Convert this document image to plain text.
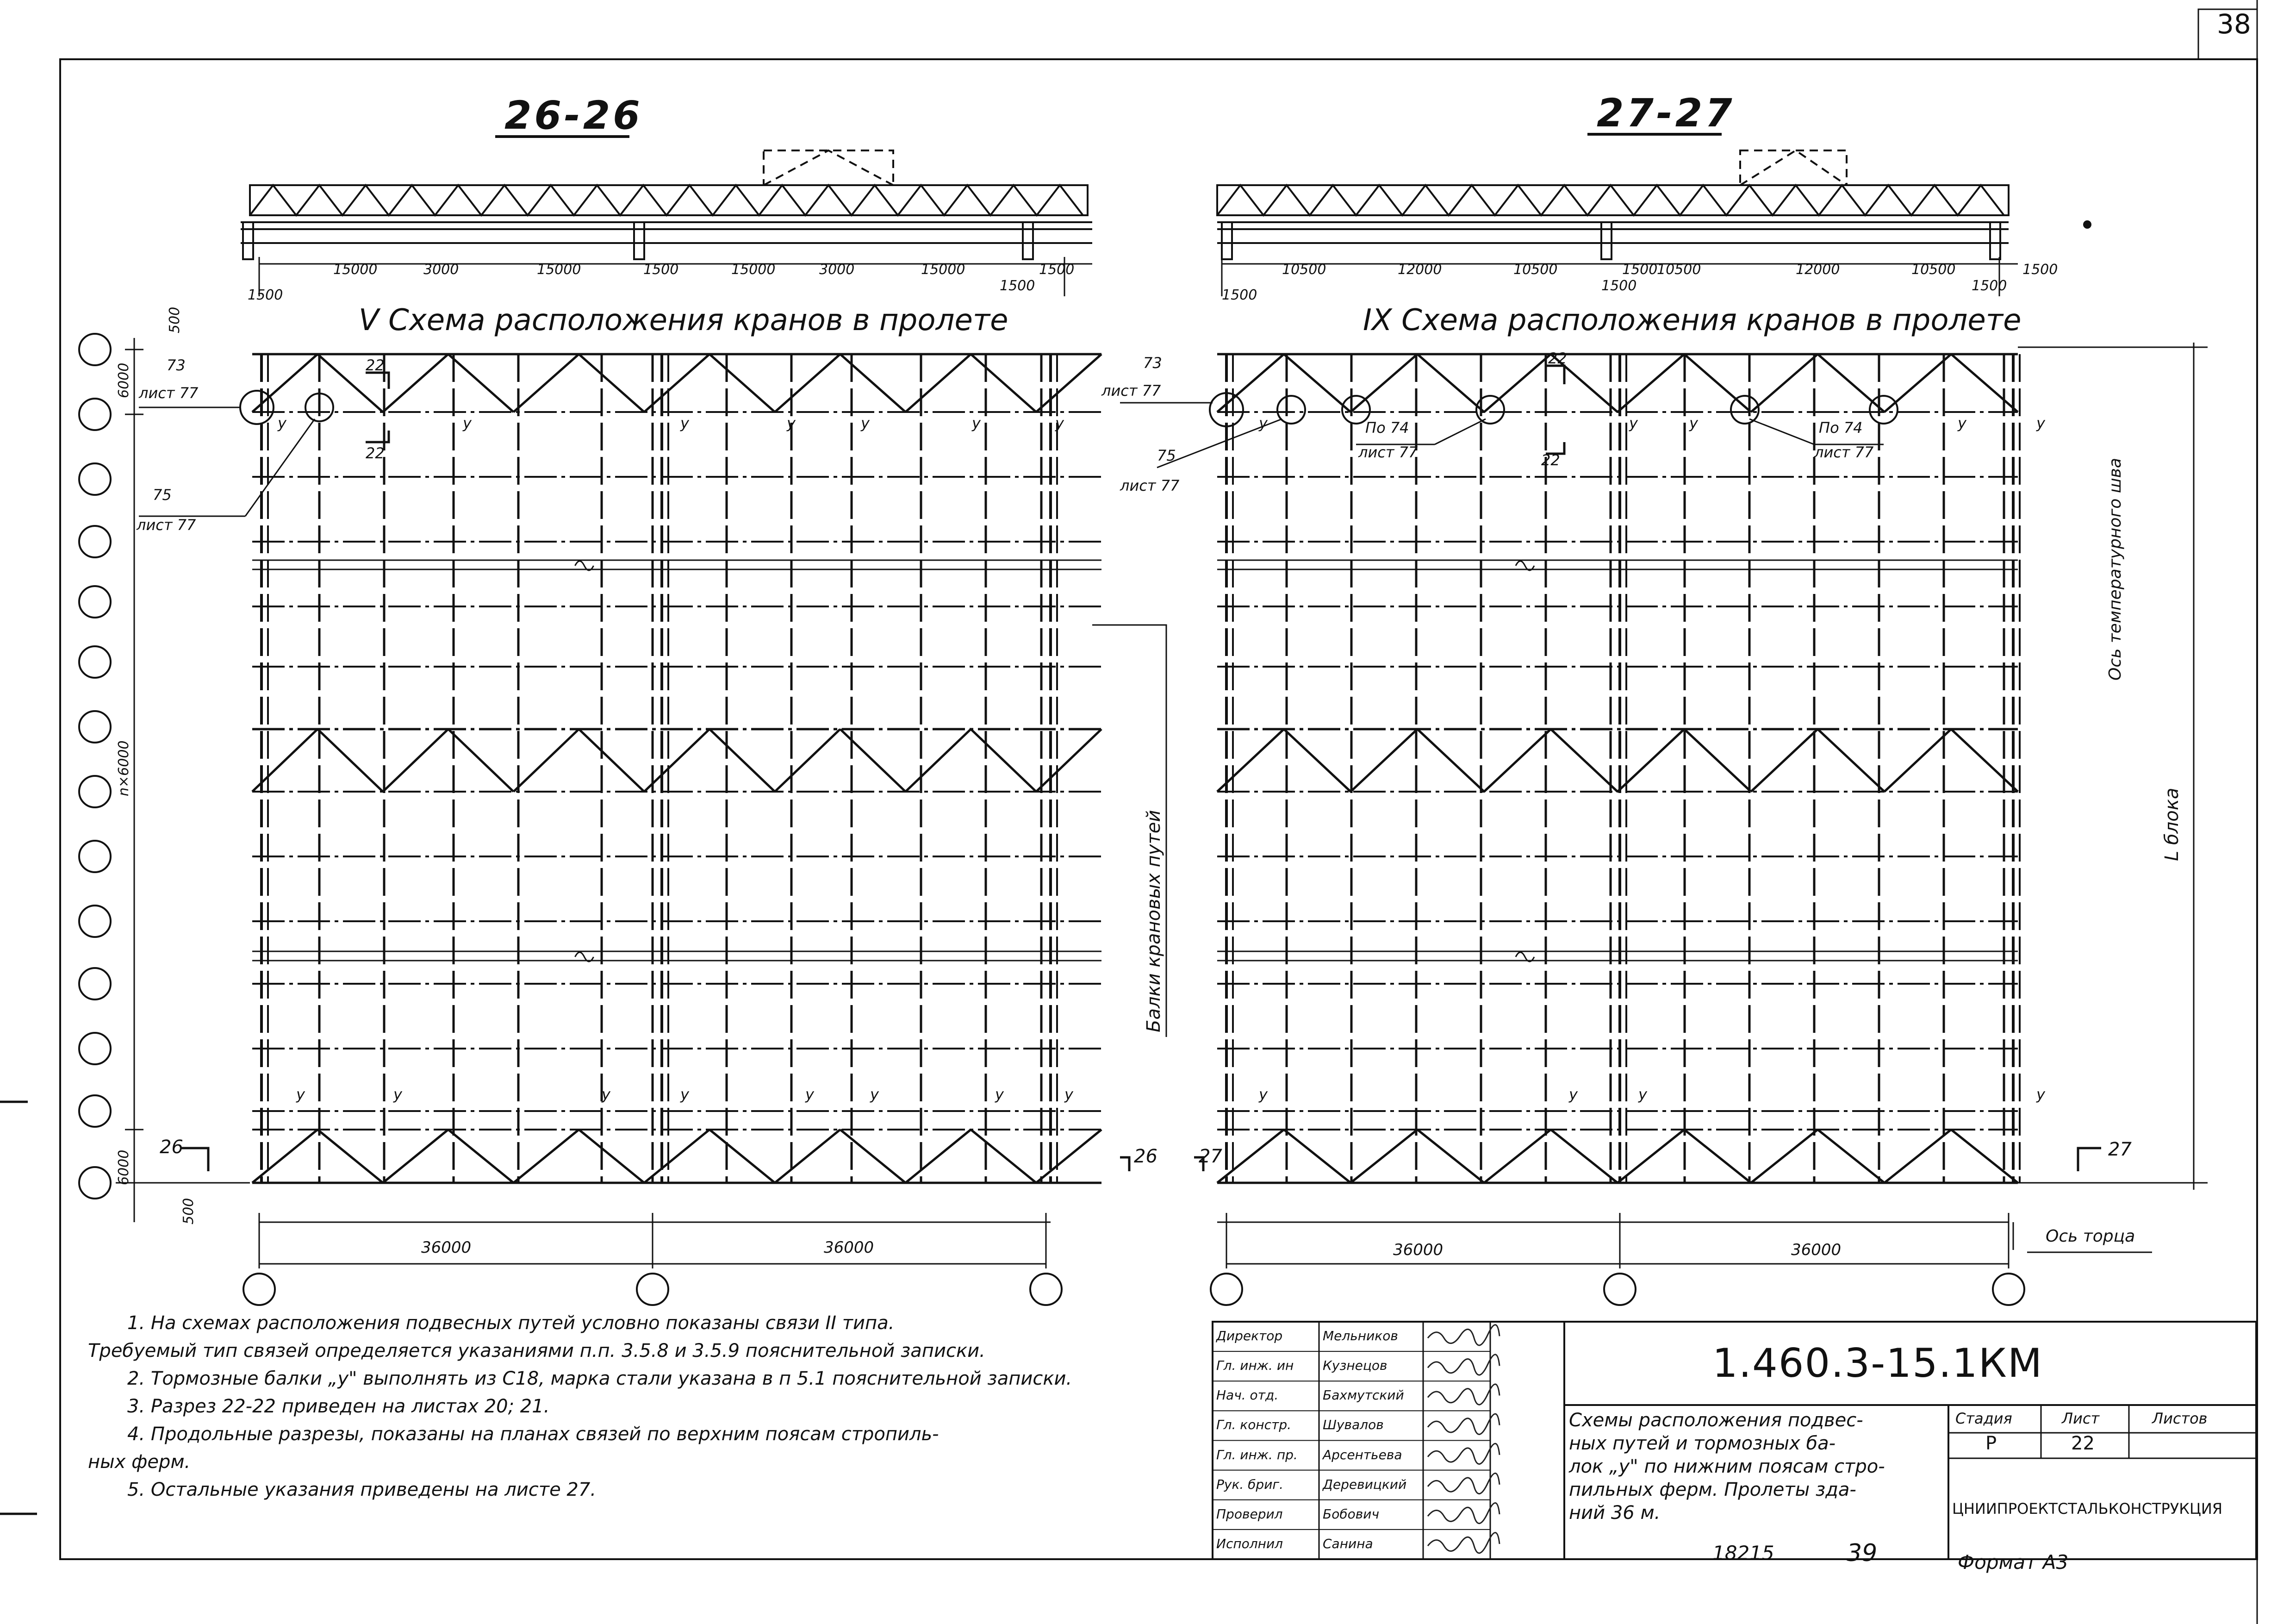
38
26-26	27-27
V Схема расположения кранов в пролете	IX Схема расположения кранов в пролете
1500
15000	3000	15000	1500	15000	3000	15000
1500
1500
1500
10500	12000	10500
1500
1500
10500	12000	10500
1500
1500
73
лист 77
75
лист 77
22
22
26	26
6000
n×6000
6000
500
500
36000	36000
73
лист 77
75
лист 77
По 74
лист 77
По 74
лист 77
22
22
27	27
36000	36000
Ось температурного шва
L блока
Ось торца
Балки крановых путей
у	у	у	у	у	у	у	у	у	у	у	у
у	у	у	у	у	у	у	у	у	у	у	у
1. На схемах расположения подвесных путей условно показаны связи II типа.
Требуемый тип связей определяется указаниями п.п. 3.5.8 и 3.5.9 пояснительной записки.
2. Тормозные балки „у" выполнять из С18, марка стали указана в п 5.1 пояснительной записки.
3. Разрез 22-22 приведен на листах 20; 21.
4. Продольные разрезы, показаны на планах связей по верхним поясам стропиль-
ных ферм.
5. Остальные указания приведены на листе 27.
Директор	Мельников
Гл. инж. ин Кузнецов
Нач. отд.	Бахмутский
Гл. констр. Шувалов
Гл. инж. пр. Арсентьева
Рук. бриг.	Деревицкий
Проверил	Бобович
Исполнил	Санина
1.460.3-15.1КМ
Схемы расположения подвес-
ных путей и тормозных ба-
лок „у" по нижним поясам стро-
пильных ферм. Пролеты зда-
ний 36 м.
Стадия	Лист	Листов
Р	22
ЦНИИПРОЕКТСТАЛЬКОНСТРУКЦИЯ
18215	39	Формат А3
